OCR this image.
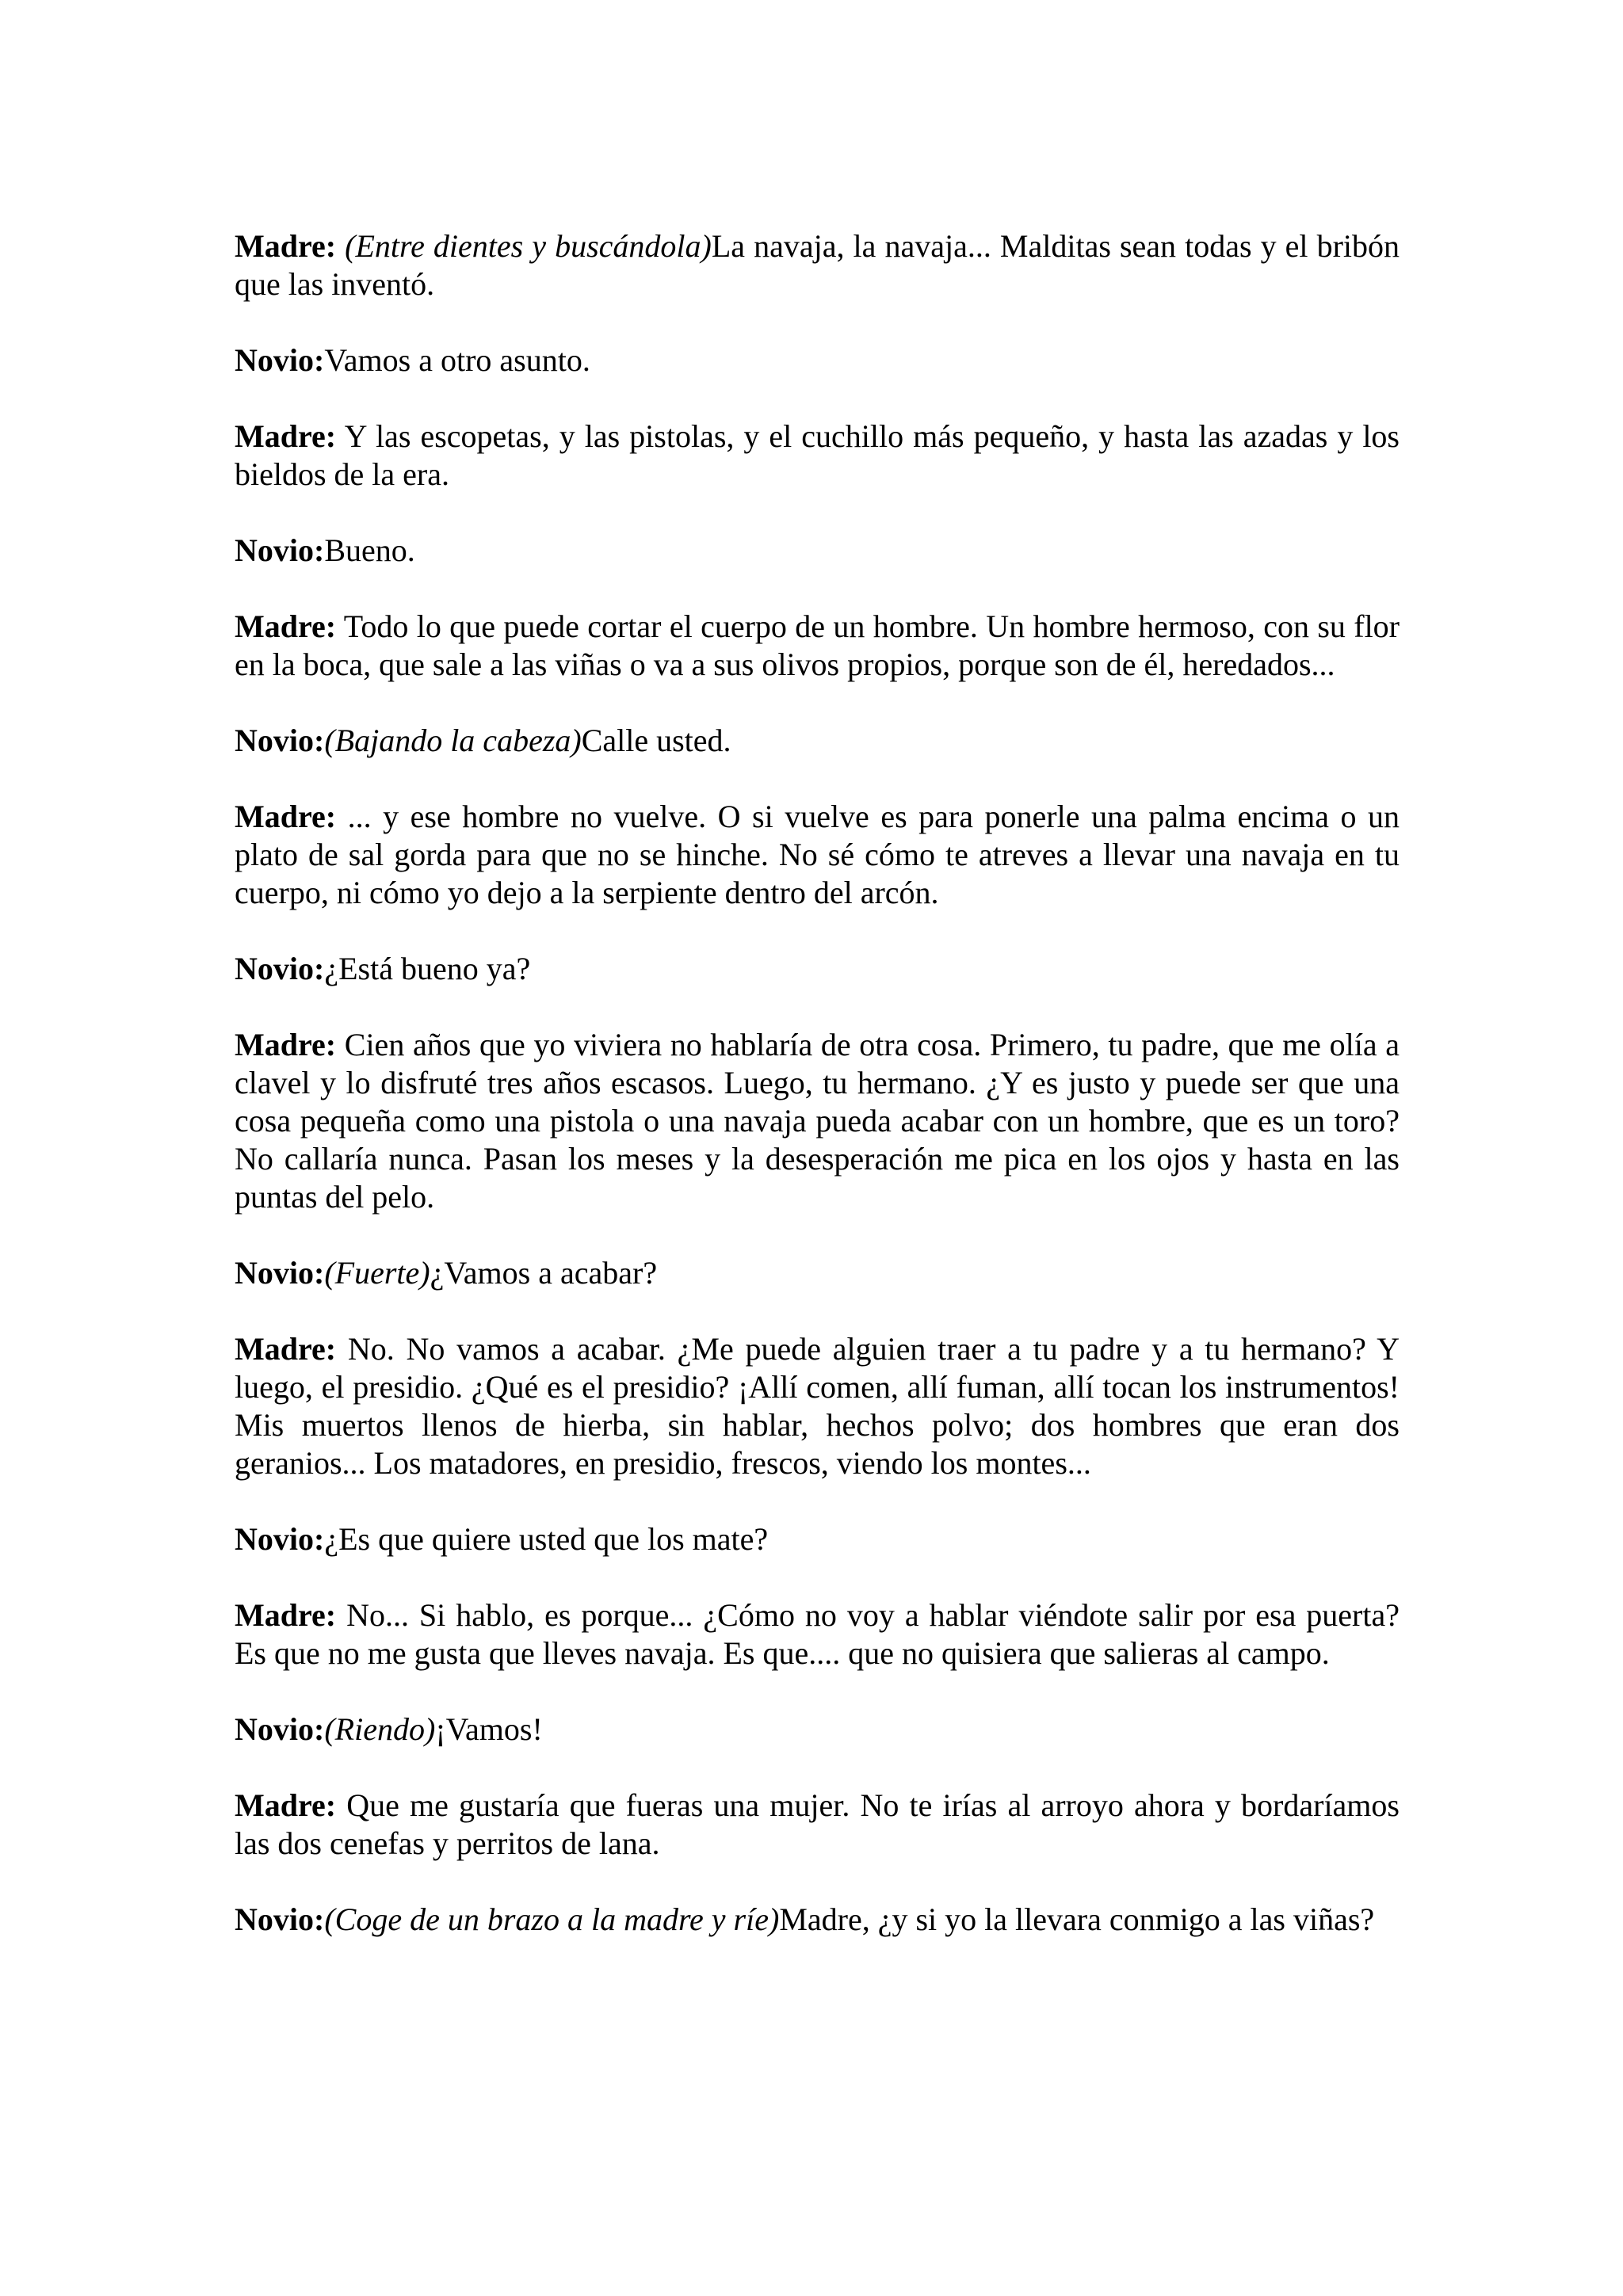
Madre: (Entre dientes y buscándola)La navaja, la navaja... Malditas sean todas y el bribón que las inventó.

Novio:Vamos a otro asunto.

Madre: Y las escopetas, y las pistolas, y el cuchillo más pequeño, y hasta las azadas y los bieldos de la era.

Novio:Bueno.

Madre: Todo lo que puede cortar el cuerpo de un hombre. Un hombre hermoso, con su flor en la boca, que sale a las viñas o va a sus olivos propios, porque son de él, heredados...

Novio:(Bajando la cabeza)Calle usted.

Madre: ... y ese hombre no vuelve. O si vuelve es para ponerle una palma encima o un plato de sal gorda para que no se hinche. No sé cómo te atreves a llevar una navaja en tu cuerpo, ni cómo yo dejo a la serpiente dentro del arcón.

Novio:¿Está bueno ya?

Madre: Cien años que yo viviera no hablaría de otra cosa. Primero, tu padre, que me olía a clavel y lo disfruté tres años escasos. Luego, tu hermano. ¿Y es justo y puede ser que una cosa pequeña como una pistola o una navaja pueda acabar con un hombre, que es un toro? No callaría nunca. Pasan los meses y la desesperación me pica en los ojos y hasta en las puntas del pelo.

Novio:(Fuerte)¿Vamos a acabar?

Madre: No. No vamos a acabar. ¿Me puede alguien traer a tu padre y a tu hermano? Y luego, el presidio. ¿Qué es el presidio? ¡Allí comen, allí fuman, allí tocan los instrumentos! Mis muertos llenos de hierba, sin hablar, hechos polvo; dos hombres que eran dos geranios... Los matadores, en presidio, frescos, viendo los montes...

Novio:¿Es que quiere usted que los mate?

Madre: No... Si hablo, es porque... ¿Cómo no voy a hablar viéndote salir por esa puerta? Es que no me gusta que lleves navaja. Es que.... que no quisiera que salieras al campo.

Novio:(Riendo)¡Vamos!

Madre: Que me gustaría que fueras una mujer. No te irías al arroyo ahora y bordaríamos las dos cenefas y perritos de lana.

Novio:(Coge de un brazo a la madre y ríe)Madre, ¿y si yo la llevara conmigo a las viñas?
